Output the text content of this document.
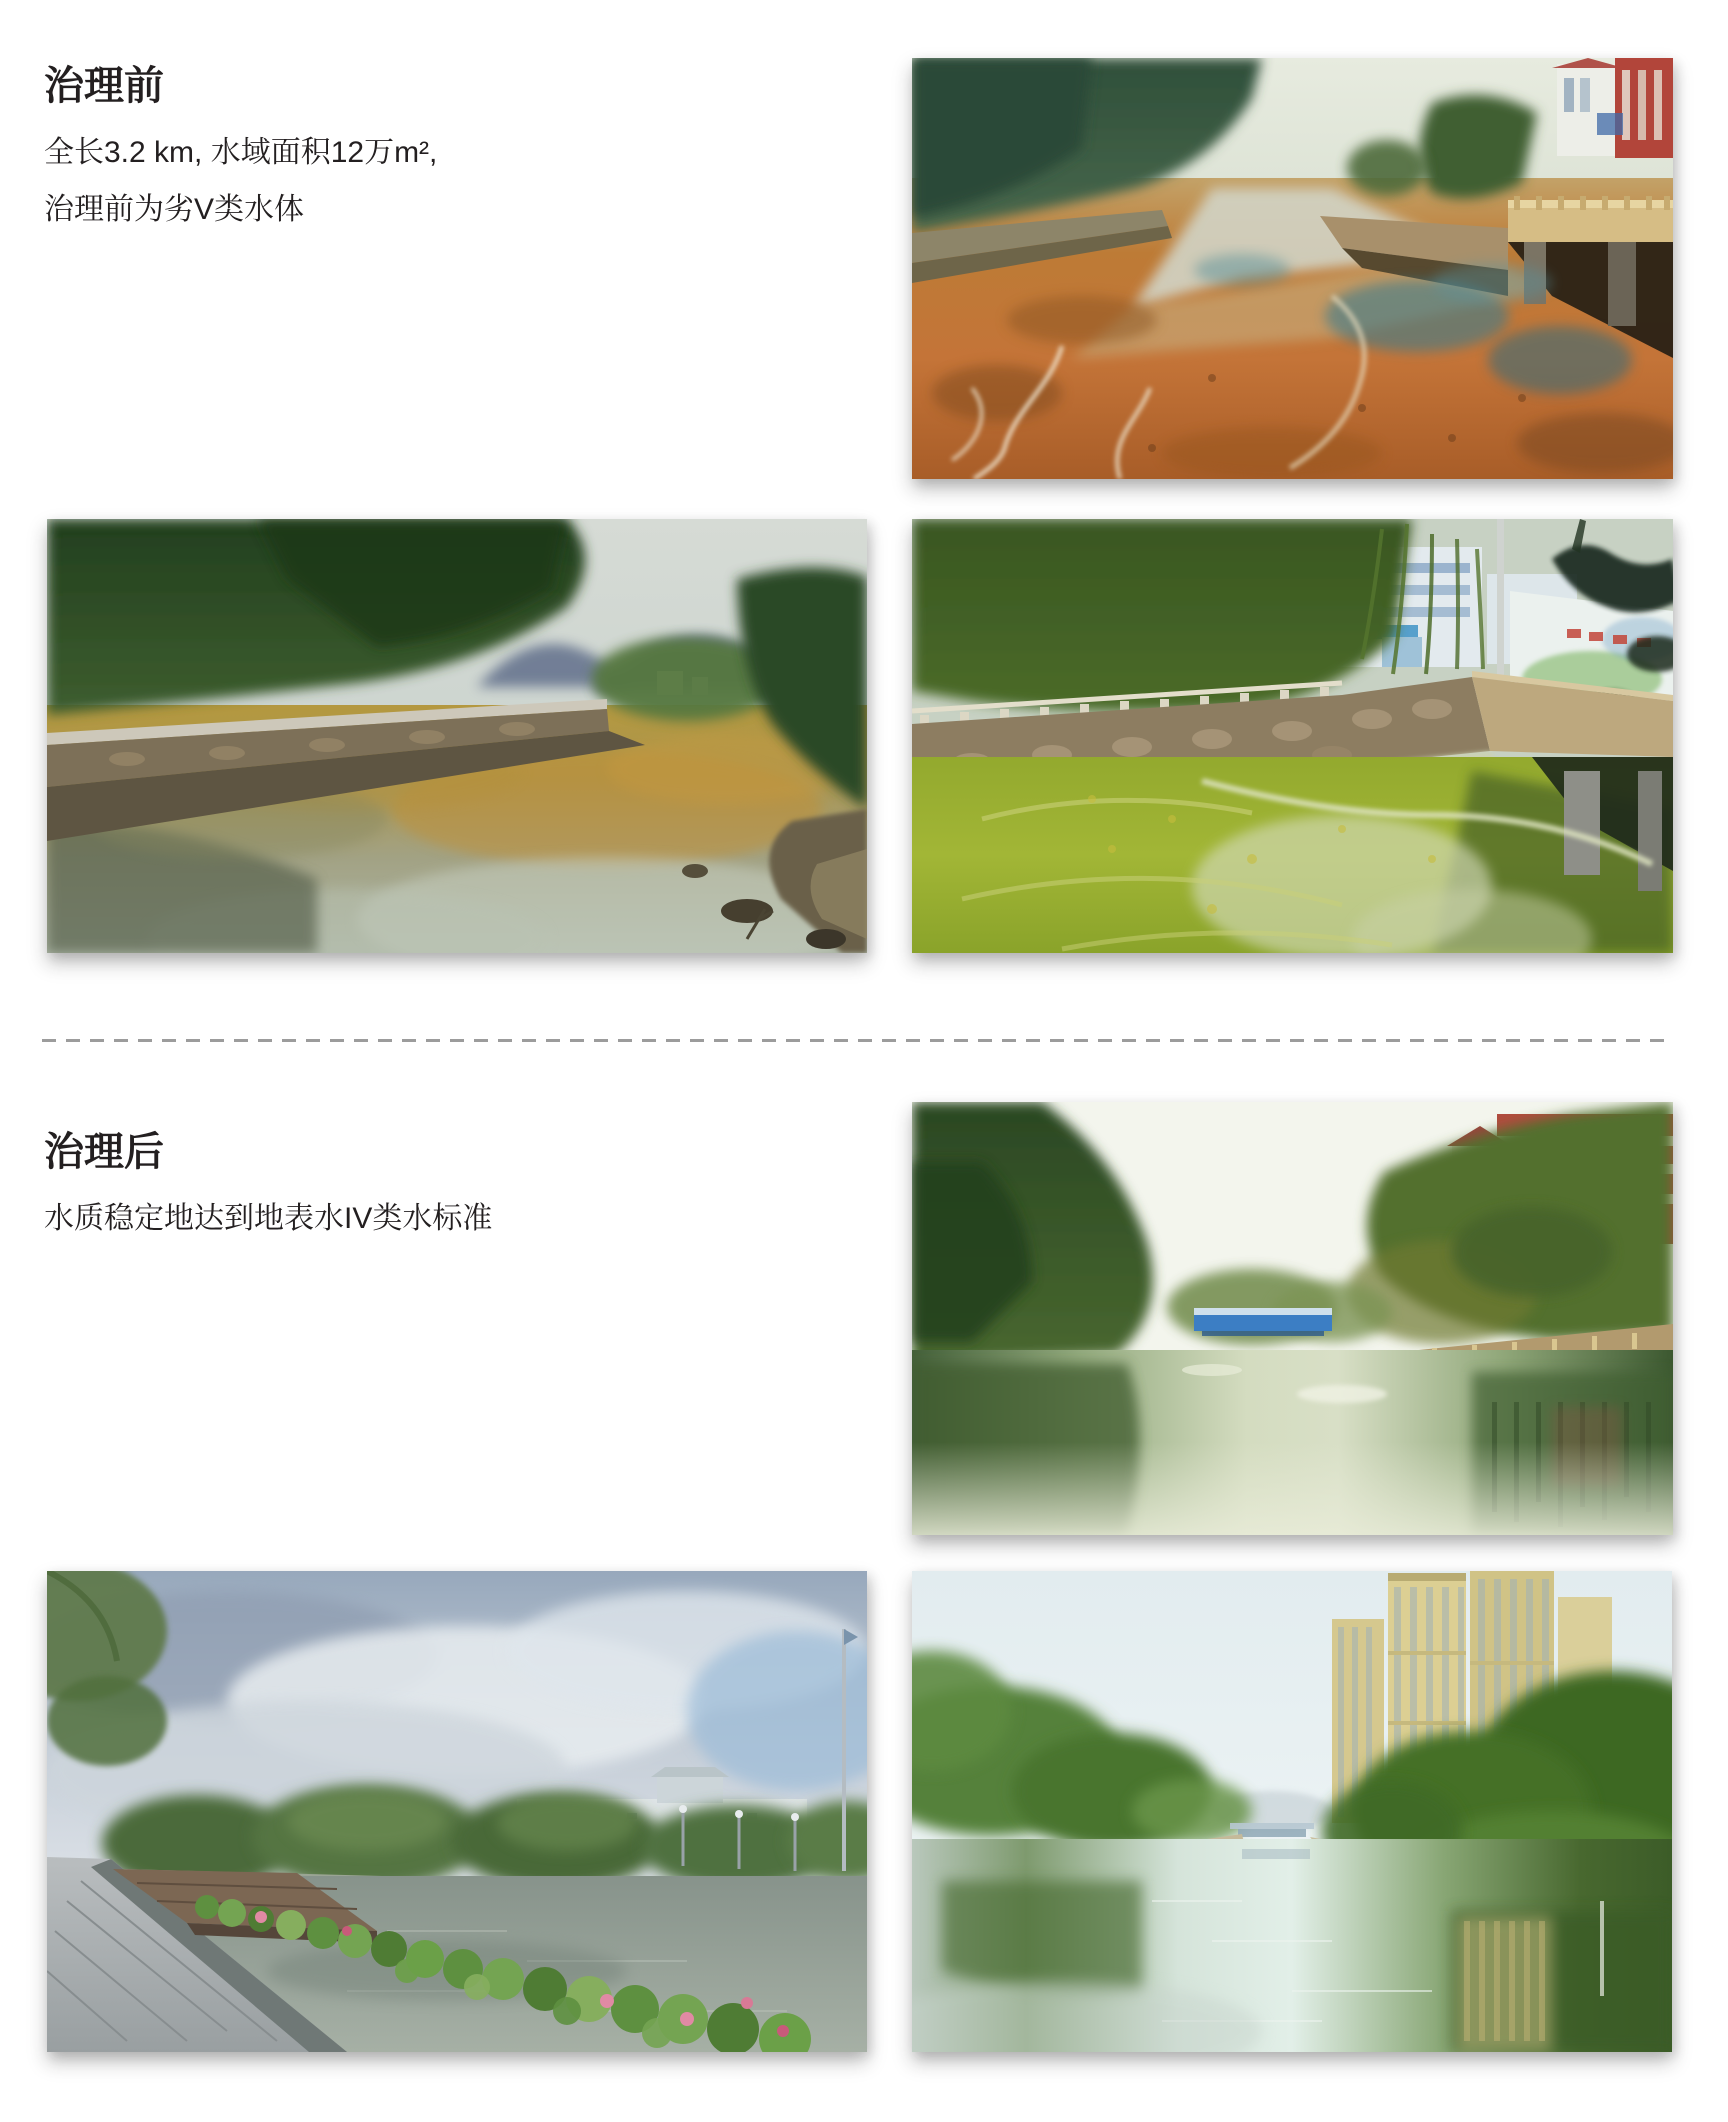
治理前

全长3.2 km, 水域面积12万m²,

治理前为劣V类水体

治理后

水质稳定地达到地表水IV类水标准
